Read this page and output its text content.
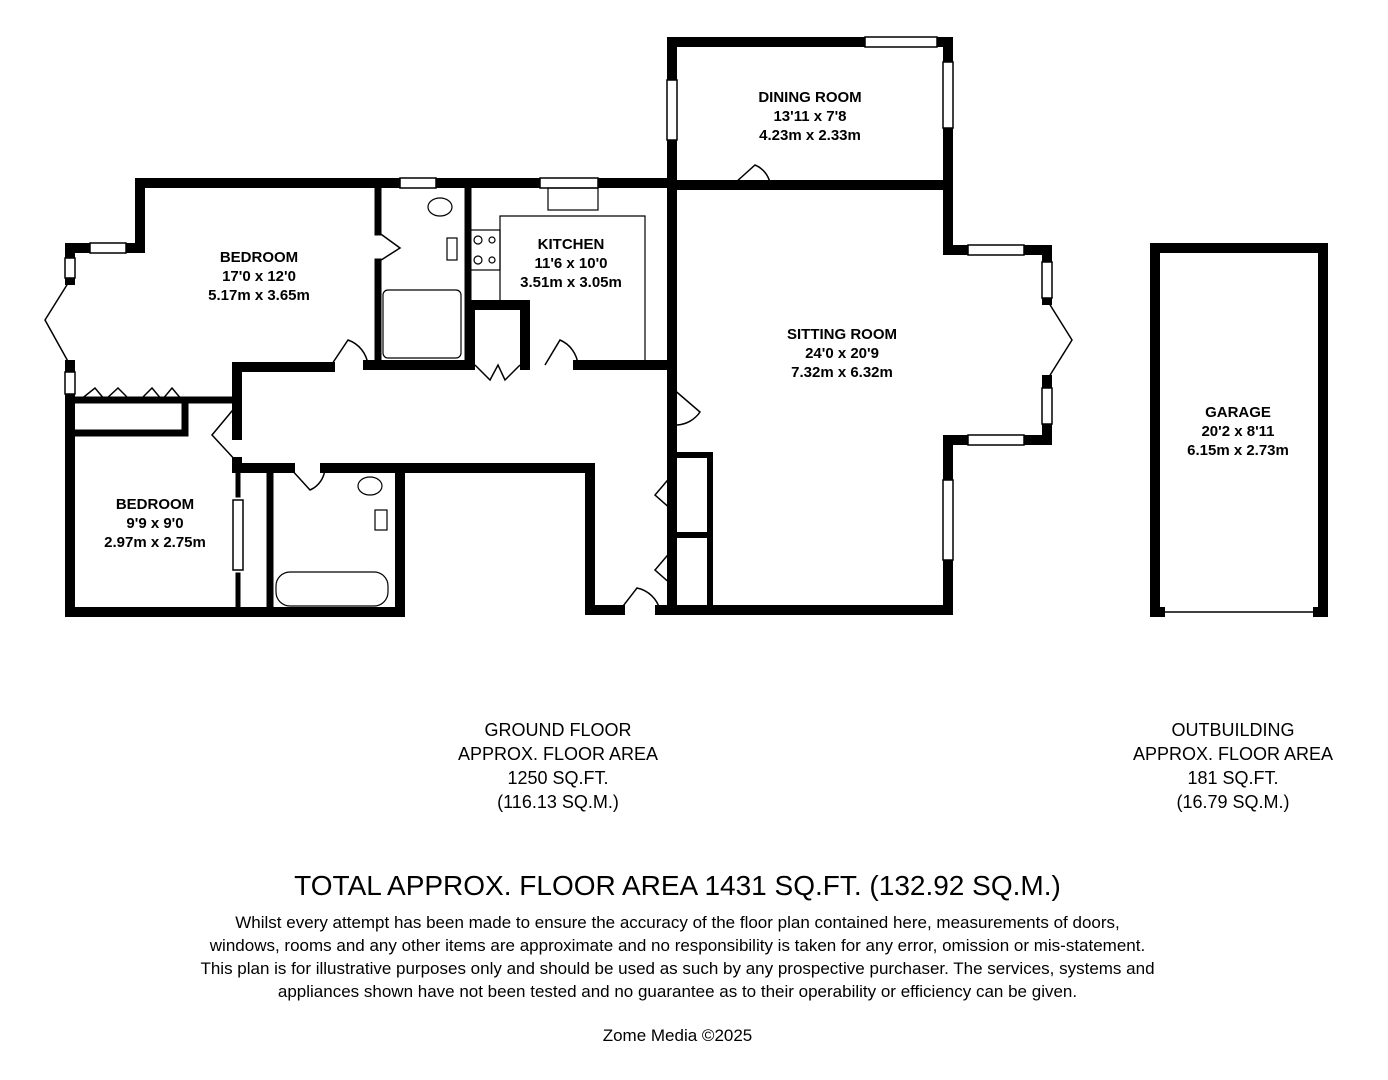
DINING ROOM
13'11 x 7'8
4.23m x 2.33m
BEDROOM
17'0 x 12'0
5.17m x 3.65m
KITCHEN
11'6 x 10'0
3.51m x 3.05m
SITTING ROOM
24'0 x 20'9
7.32m x 6.32m
BEDROOM
9'9 x 9'0
2.97m x 2.75m
GARAGE
20'2 x 8'11
6.15m x 2.73m
GROUND FLOOR
APPROX. FLOOR AREA
1250 SQ.FT.
(116.13 SQ.M.)
OUTBUILDING
APPROX. FLOOR AREA
181 SQ.FT.
(16.79 SQ.M.)
TOTAL APPROX. FLOOR AREA 1431 SQ.FT. (132.92 SQ.M.)
Whilst every attempt has been made to ensure the accuracy of the floor plan contained here, measurements of doors, windows, rooms and any other items are approximate and no responsibility is taken for any error, omission or mis-statement. This plan is for illustrative purposes only and should be used as such by any prospective purchaser. The services, systems and appliances shown have not been tested and no guarantee as to their operability or efficiency can be given.
Zome Media ©2025
